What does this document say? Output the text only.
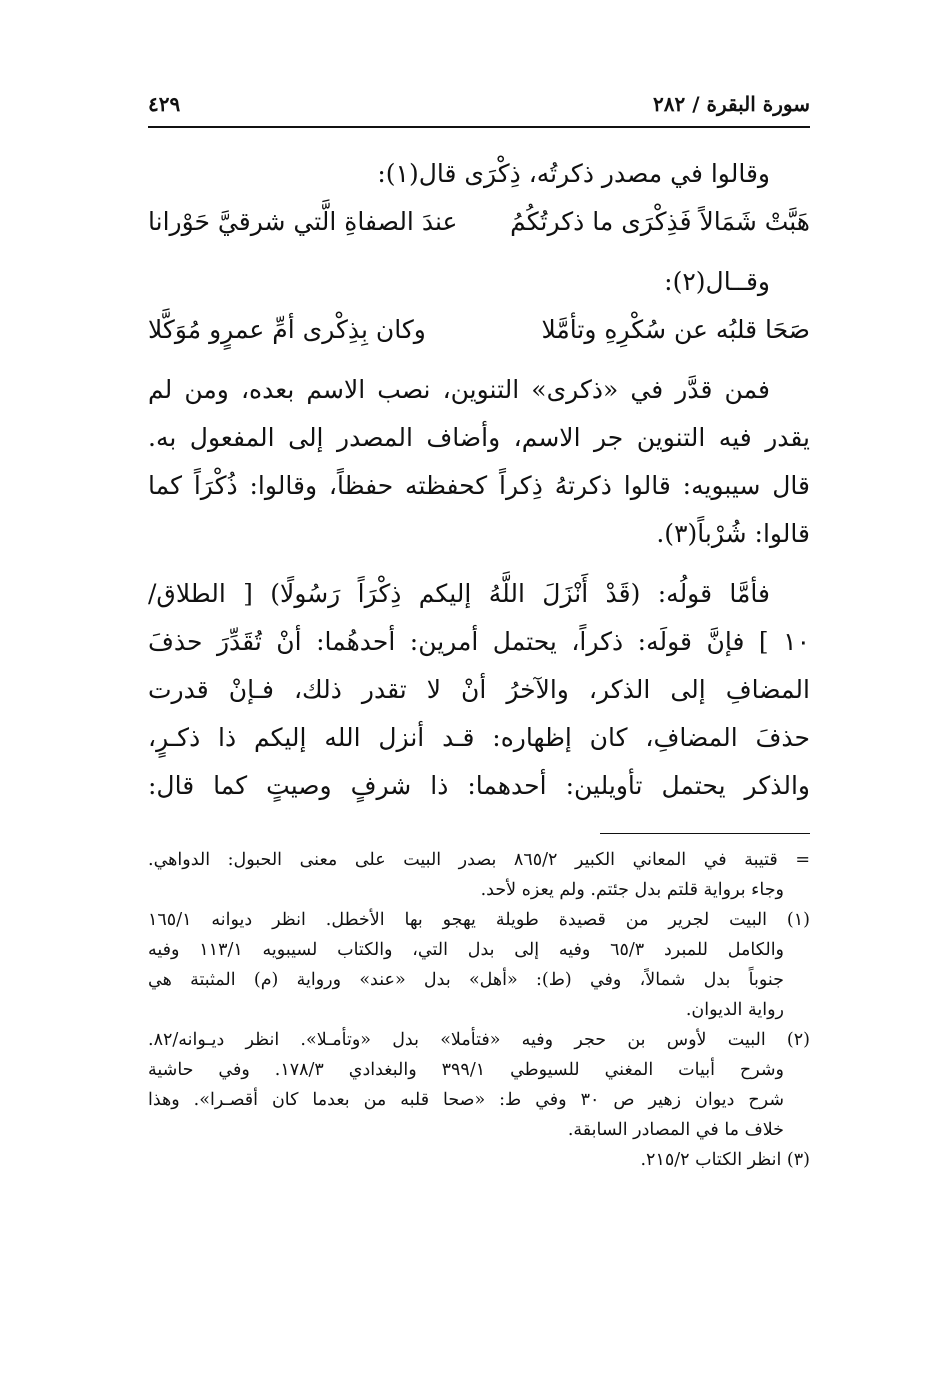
سورة البقرة / ٢٨٢
٤٢٩
وقالوا في مصدر ذكرتُه، ذِكْرَى قال(١):
هَبَّتْ شَمَالاً فَذِكْرَى ما ذكرتُكُمُ
عندَ الصفاةِ الَّتي شرقيَّ حَوْرانا
وقــال(٢):
صَحَا قلبُه عن سُكْرِهِ وتأمَّلا
وكان بِذِكْرى أمِّ عمرٍو مُوَكَّلا
فمن قدَّر في «ذكرى» التنوين، نصب الاسم بعده، ومن لم
يقدر فيه التنوين جر الاسم، وأضاف المصدر إلى المفعول به.
قال سيبويه: قالوا ذكرتهُ ذِكراً كحفظته حفظاً، وقالوا: ذُكْرَاً كما
قالوا: شُرْباً(٣).
فأمَّا قولُه: (قَدْ أَنْزَلَ اللَّهُ إليكم ذِكْرَاً رَسُولًا) [ الطلاق/
١٠ ] فإنَّ قولَه: ذكراً، يحتمل أمرين: أحدهُما: أنْ تُقَدِّرَ حذفَ
المضافِ إلى الذكر، والآخرُ أنْ لا تقدر ذلك، فـإنْ قدرت
حذفَ المضافِ، كان إظهاره: قـد أنزل الله إليكم ذا ذكـرٍ،
والذكر يحتمل تأويلين: أحدهما: ذا شرفٍ وصيتٍ كما قال:
= قتيبة في المعاني الكبير ٨٦٥/٢ بصدر البيت على معنى الحبول: الدواهي.
وجاء برواية قلتم بدل جئتم. ولم يعزه لأحد.
(١) البيت لجرير من قصيدة طويلة يهجو بها الأخطل. انظر ديوانه ١٦٥/١
والكامل للمبرد ٦٥/٣ وفيه إلى بدل التي، والكتاب لسيبويه ١١٣/١ وفيه
جنوباً بدل شمالاً، وفي (ط): «أهل» بدل «عند» ورواية (م) المثبتة هي
رواية الديوان.
(٢) البيت لأوس بن حجر وفيه «فتأملا» بدل «وتأمـلا». انظر ديـوانه/٨٢.
وشرح أبيات المغني للسيوطي ٣٩٩/١ والبغدادي ١٧٨/٣. وفي حاشية
شرح ديوان زهير ص ٣٠ وفي ط: «صحا قلبه من بعدما كان أقصـرا». وهذا
خلاف ما في المصادر السابقة.
(٣) انظر الكتاب ٢١٥/٢.
